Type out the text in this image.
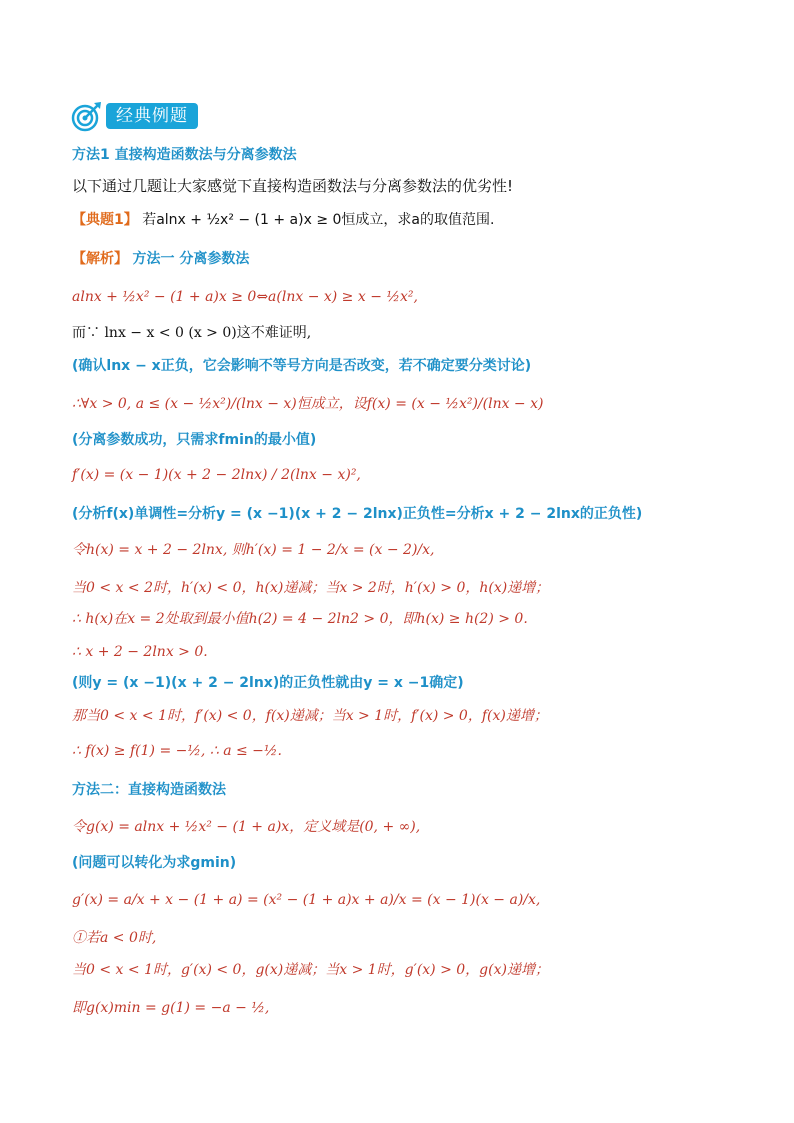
经典例题
方法1 直接构造函数法与分离参数法
以下通过几题让大家感觉下直接构造函数法与分离参数法的优劣性!
【典题1】 若alnx + ½x² − (1 + a)x ≥ 0恒成立，求a的取值范围.
【解析】 方法一 分离参数法
alnx + ½x² − (1 + a)x ≥ 0⇔a(lnx − x) ≥ x − ½x²,
而∵ lnx − x < 0 (x > 0)这不难证明,
(确认lnx − x正负，它会影响不等号方向是否改变，若不确定要分类讨论)
∴∀x > 0, a ≤ (x − ½x²)/(lnx − x)恒成立，设f(x) = (x − ½x²)/(lnx − x)
(分离参数成功，只需求fmin的最小值)
f′(x) = (x − 1)(x + 2 − 2lnx) / 2(lnx − x)²,
(分析f(x)单调性=分析y = (x −1)(x + 2 − 2lnx)正负性=分析x + 2 − 2lnx的正负性)
令h(x) = x + 2 − 2lnx, 则h′(x) = 1 − 2/x = (x − 2)/x,
当0 < x < 2时，h′(x) < 0，h(x)递减；当x > 2时，h′(x) > 0，h(x)递增；
∴ h(x)在x = 2处取到最小值h(2) = 4 − 2ln2 > 0，即h(x) ≥ h(2) > 0.
∴ x + 2 − 2lnx > 0.
(则y = (x −1)(x + 2 − 2lnx)的正负性就由y = x −1确定)
那当0 < x < 1时，f′(x) < 0，f(x)递减；当x > 1时，f′(x) > 0，f(x)递增；
∴ f(x) ≥ f(1) = −½, ∴ a ≤ −½.
方法二：直接构造函数法
令g(x) = alnx + ½x² − (1 + a)x，定义域是(0, + ∞),
(问题可以转化为求gmin)
g′(x) = a/x + x − (1 + a) = (x² − (1 + a)x + a)/x = (x − 1)(x − a)/x,
①若a < 0时,
当0 < x < 1时，g′(x) < 0，g(x)递减；当x > 1时，g′(x) > 0，g(x)递增；
即g(x)min = g(1) = −a − ½,
